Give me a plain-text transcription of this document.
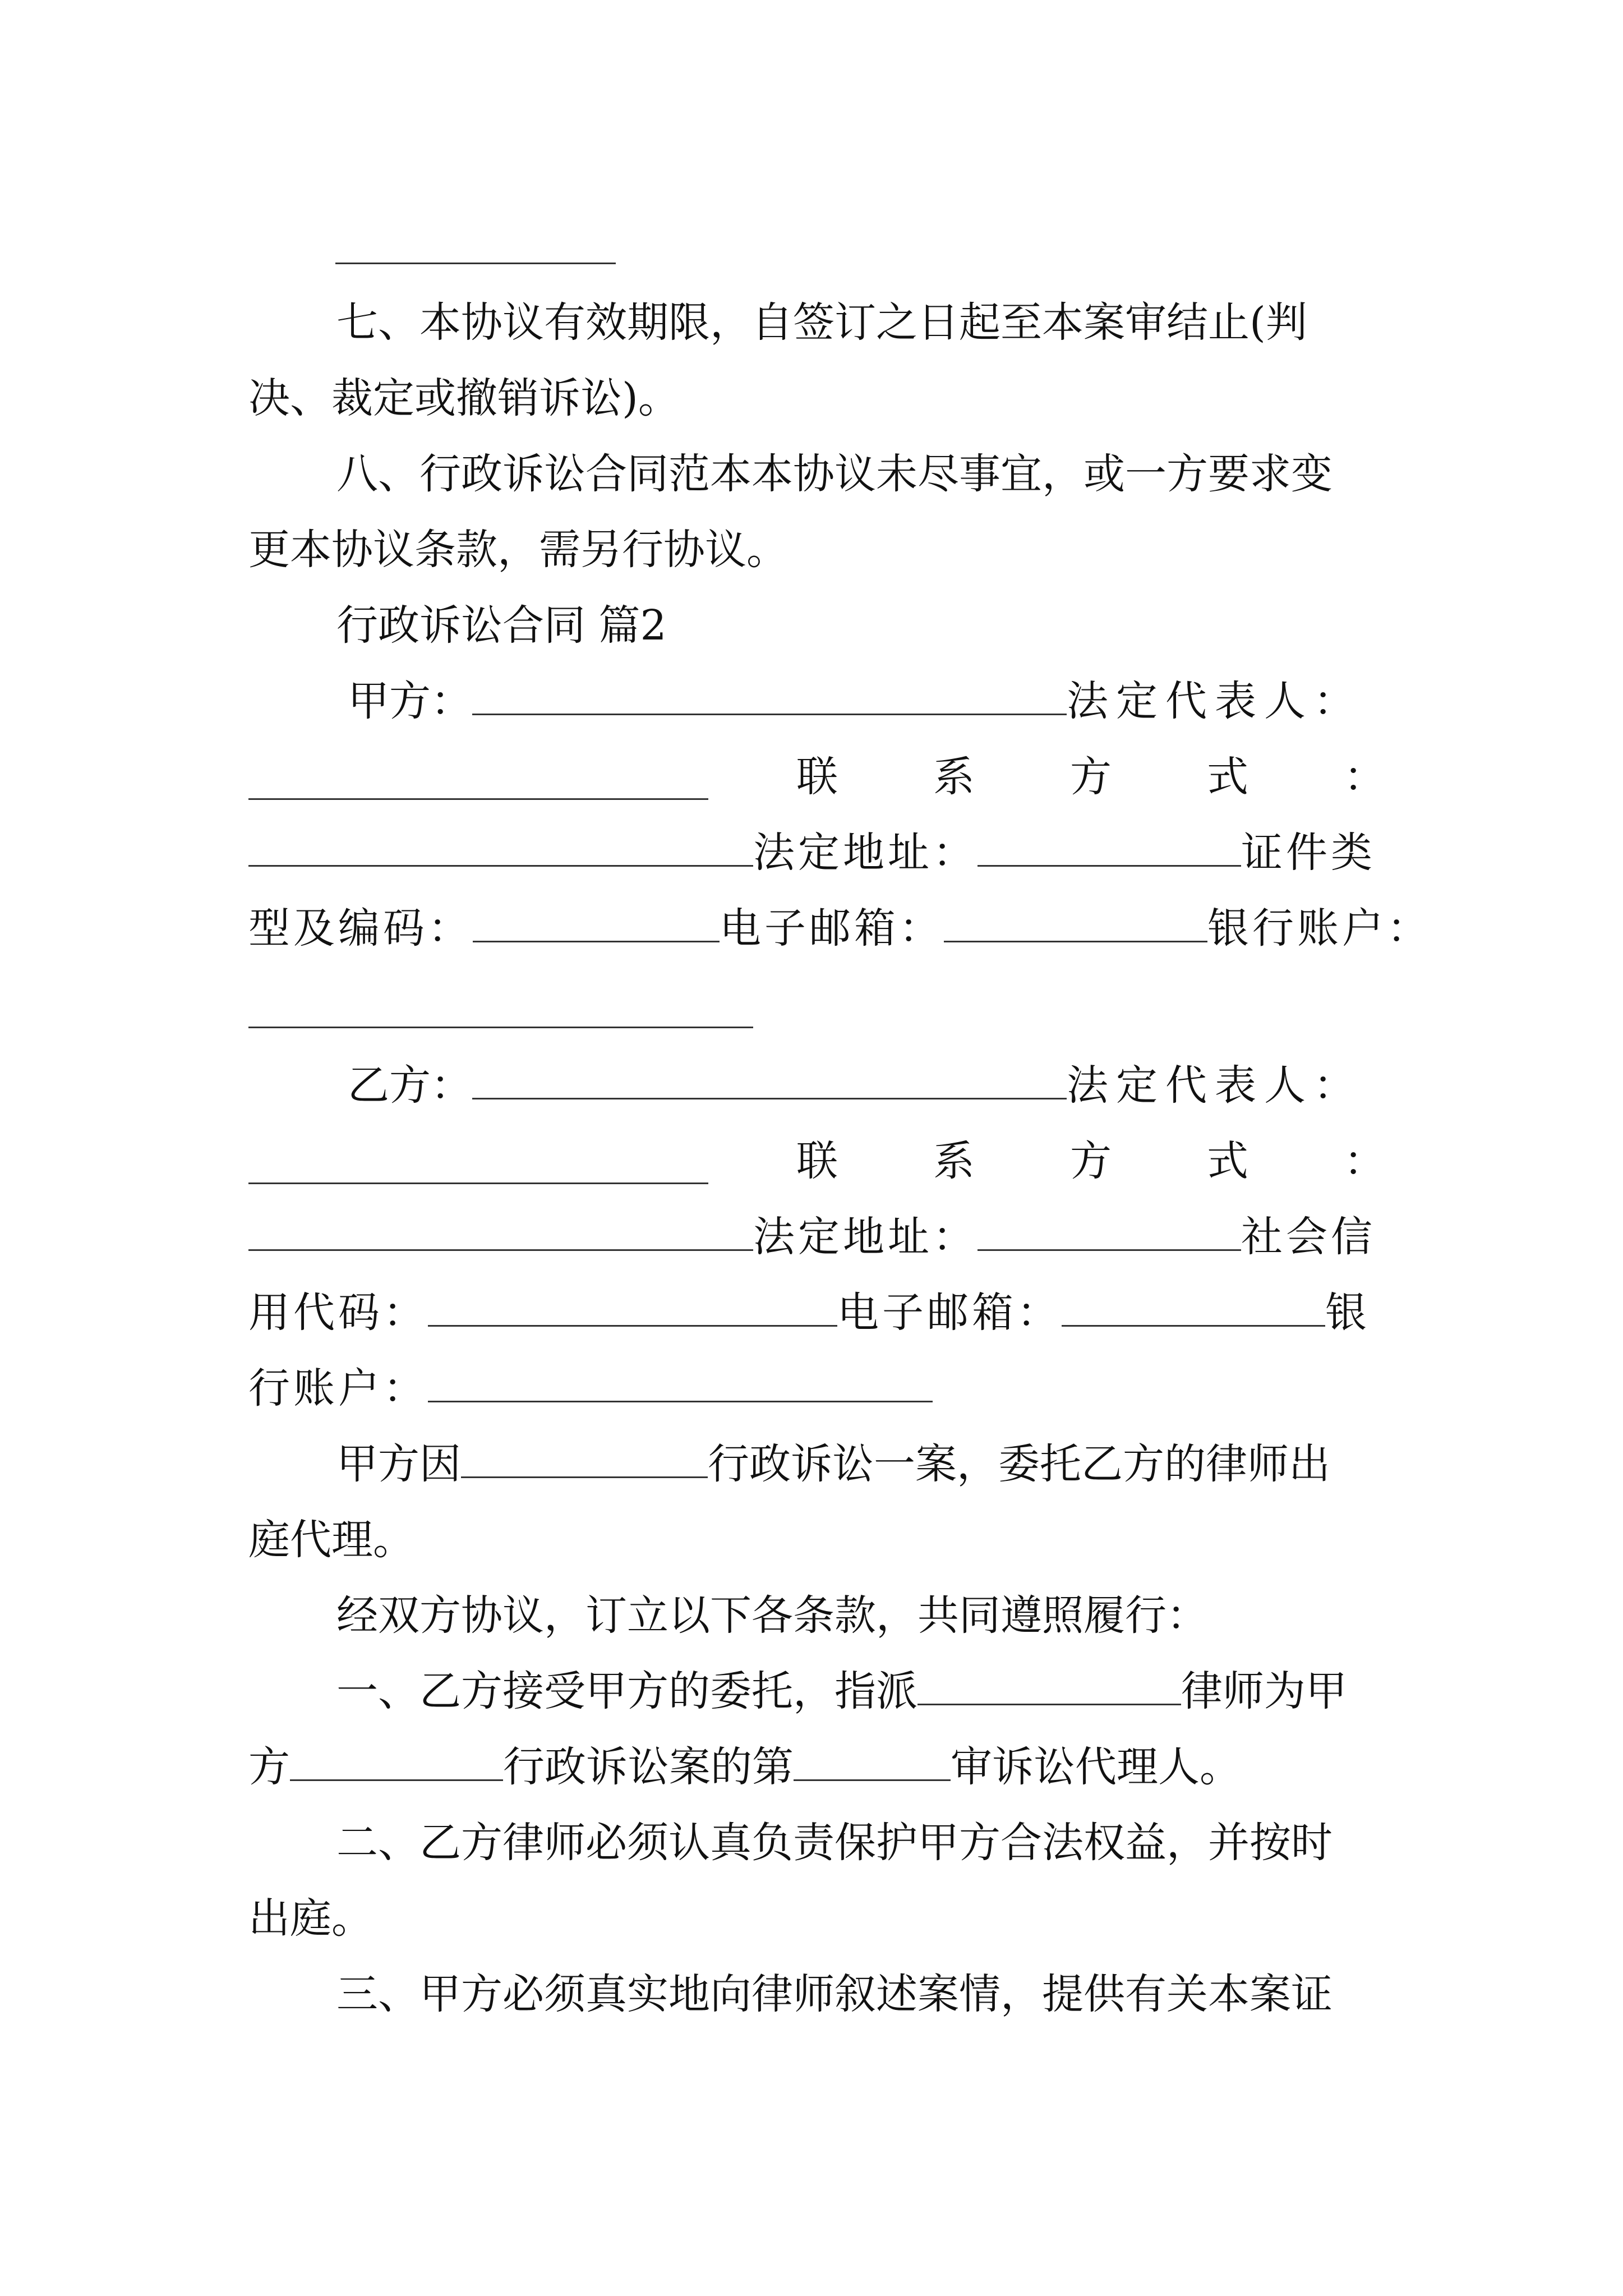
七、本协议有效期限，自签订之日起至本案审结止(判
决、裁定或撤销诉讼)。
八、行政诉讼合同范本本协议未尽事宜，或一方要求变
更本协议条款，需另行协议。
行政诉讼合同 篇2
甲方：	法定代表人：
联 系 方 式 ：
法定地址：	证件类
型及编码：	电子邮箱：	银行账户：
乙方：	法定代表人：
联 系 方 式 ：
法定地址：	社会信
用代码：	电子邮箱：	银
行账户：
甲方因	行政诉讼一案，委托乙方的律师出
庭代理。
经双方协议，订立以下各条款，共同遵照履行：
一、乙方接受甲方的委托，指派	律师为甲
方	行政诉讼案的第	审诉讼代理人。
二、乙方律师必须认真负责保护甲方合法权益，并按时
出庭。
三、甲方必须真实地向律师叙述案情，提供有关本案证
